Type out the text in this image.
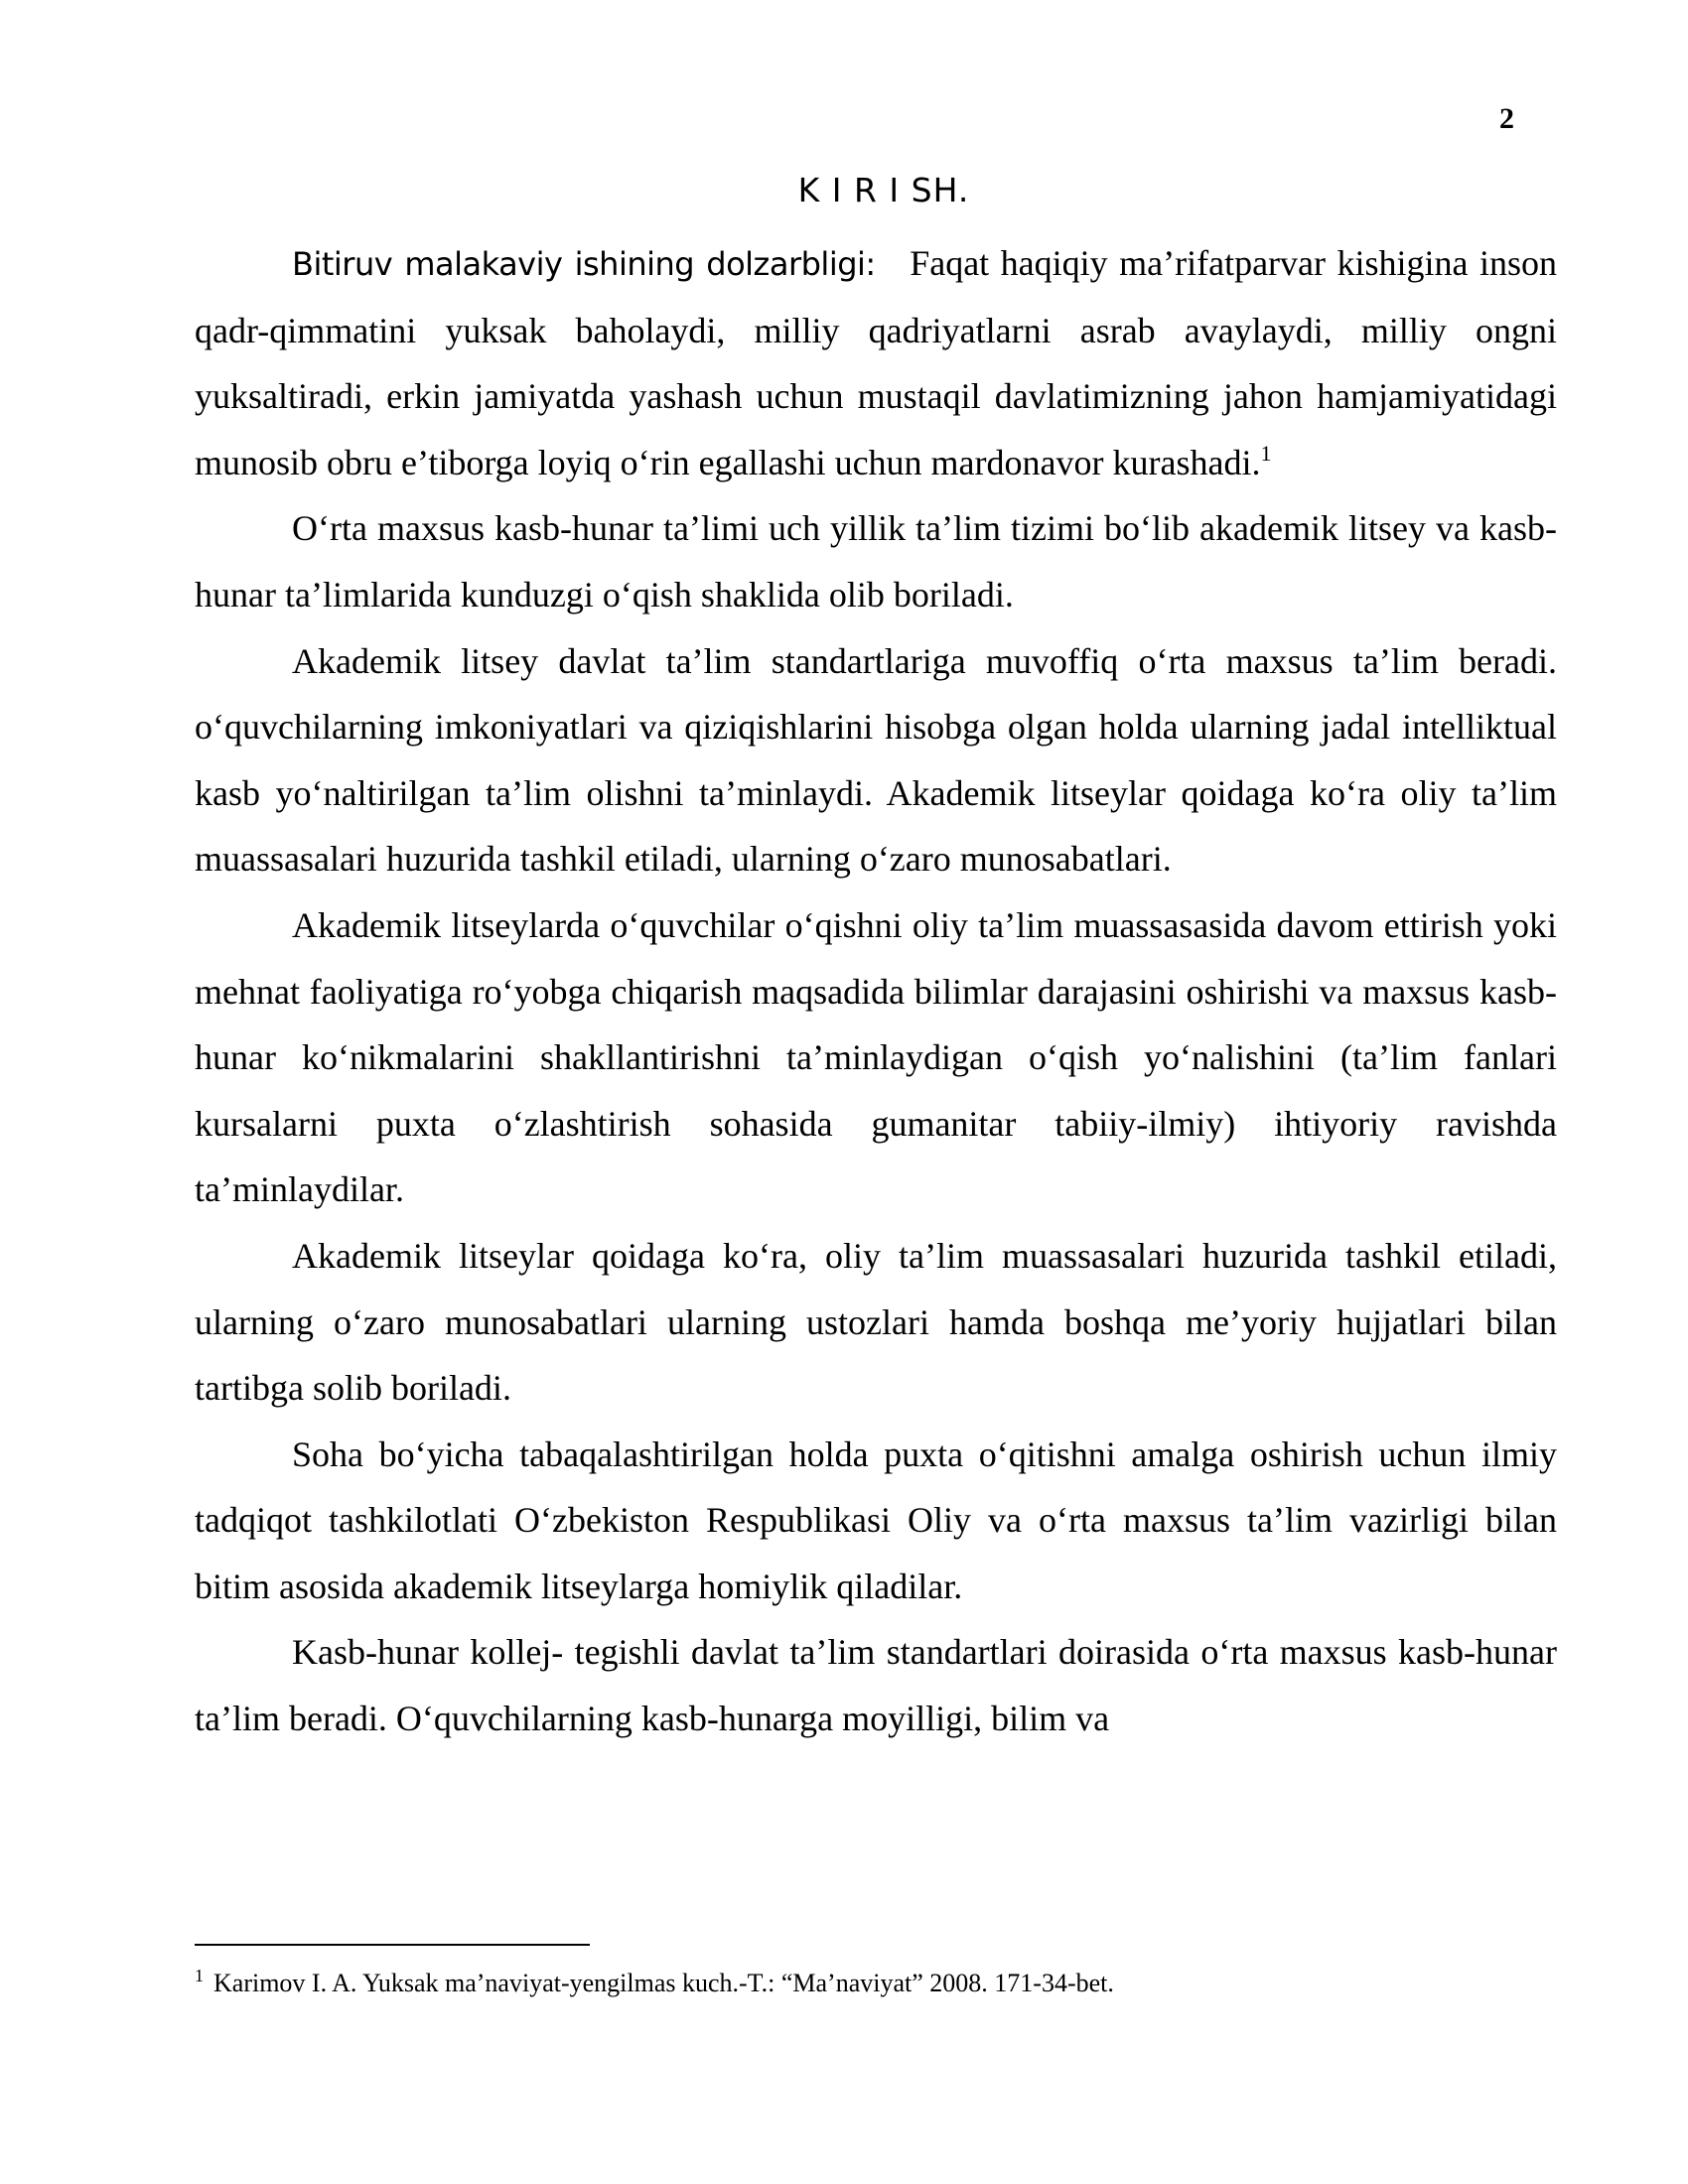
2
K I R I SH.

Bitiruv malakaviy ishining dolzarbligi: Faqat haqiqiy ma’rifatparvar kishigina inson qadr-qimmatini yuksak baholaydi, milliy qadriyatlarni asrab avaylaydi, milliy ongni yuksaltiradi, erkin jamiyatda yashash uchun mustaqil davlatimizning jahon hamjamiyatidagi munosib obru e’tiborga loyiq o‘rin egallashi uchun mardonavor kurashadi.$^1$

O‘rta maxsus kasb-hunar ta’limi uch yillik ta’lim tizimi bo‘lib akademik litsey va kasb-hunar ta’limlarida kunduzgi o‘qish shaklida olib boriladi.

Akademik litsey davlat ta’lim standartlariga muvoffiq o‘rta maxsus ta’lim beradi. o‘quvchilarning imkoniyatlari va qiziqishlarini hisobga olgan holda ularning jadal intelliktual kasb yo‘naltirilgan ta’lim olishni ta’minlaydi. Akademik litseylar qoidaga ko‘ra oliy ta’lim muassasalari huzurida tashkil etiladi, ularning o‘zaro munosabatlari.

Akademik litseylarda o‘quvchilar o‘qishni oliy ta’lim muassasasida davom ettirish yoki mehnat faoliyatiga ro‘yobga chiqarish maqsadida bilimlar darajasini oshirishi va maxsus kasb-hunar ko‘nikmalarini shakllantirishni ta’minlaydigan o‘qish yo‘nalishini (ta’lim fanlari kursalarni puxta o‘zlashtirish sohasida gumanitar tabiiy-ilmiy) ihtiyoriy ravishda ta’minlaydilar.

Akademik litseylar qoidaga ko‘ra, oliy ta’lim muassasalari huzurida tashkil etiladi, ularning o‘zaro munosabatlari ularning ustozlari hamda boshqa me’yoriy hujjatlari bilan tartibga solib boriladi.

Soha bo‘yicha tabaqalashtirilgan holda puxta o‘qitishni amalga oshirish uchun ilmiy tadqiqot tashkilotlati O‘zbekiston Respublikasi Oliy va o‘rta maxsus ta’lim vazirligi bilan bitim asosida akademik litseylarga homiylik qiladilar.

Kasb-hunar kollej- tegishli davlat ta’lim standartlari doirasida o‘rta maxsus kasb-hunar ta’lim beradi. O‘quvchilarning kasb-hunarga moyilligi, bilim va

$^1$ Karimov I. A. Yuksak ma’naviyat-yengilmas kuch.-T.: “Ma’naviyat” 2008. 171-34-bet.
